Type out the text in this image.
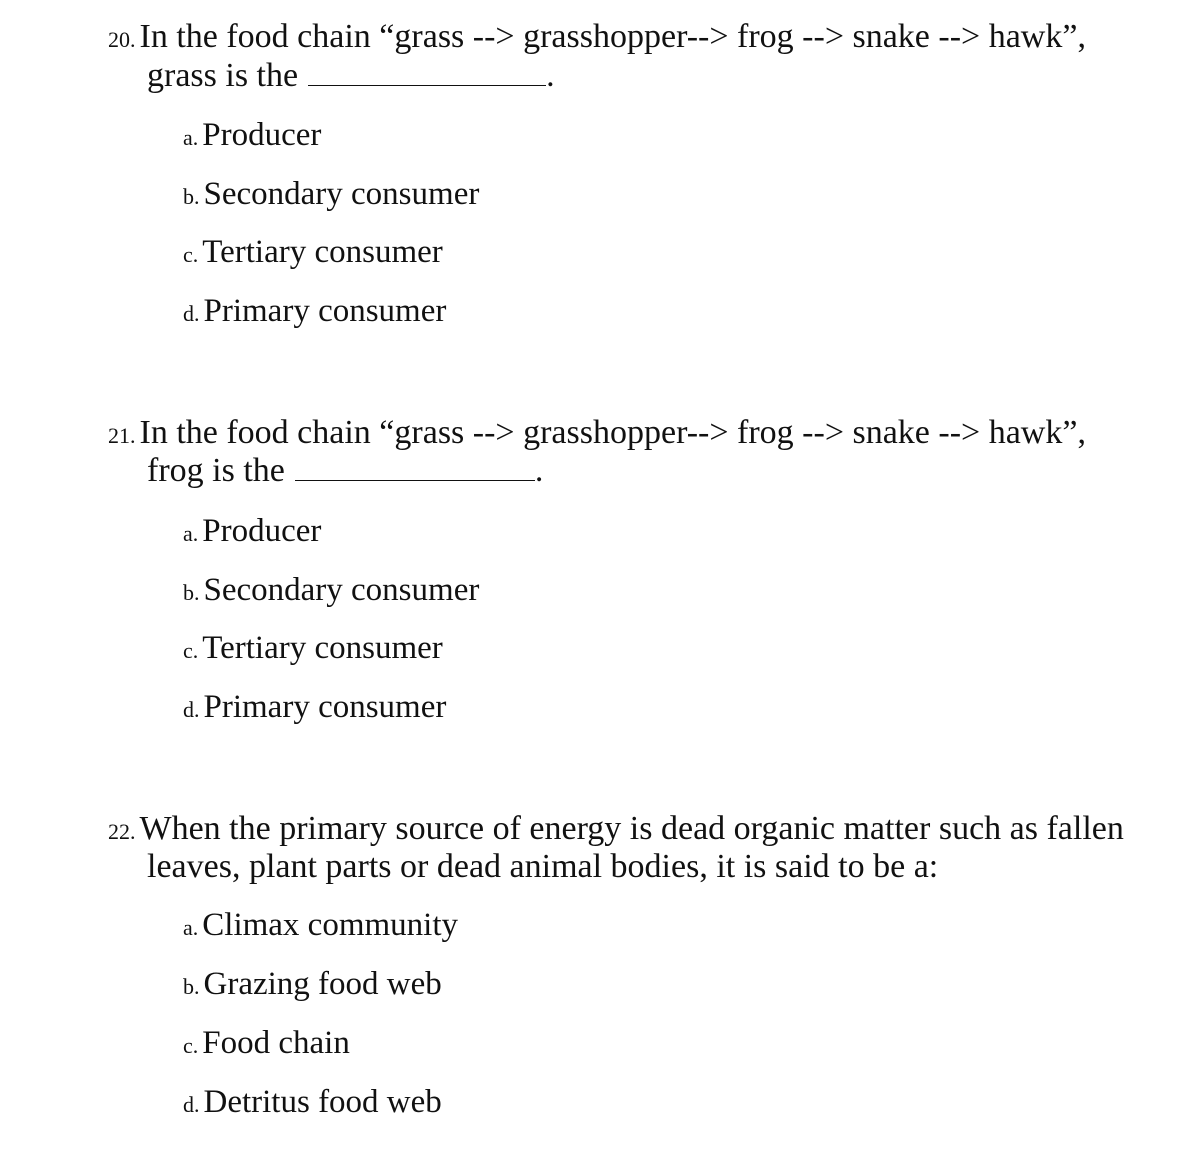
20. In the food chain “grass --> grasshopper--> frog --> snake --> hawk”,
grass is the	.
a. Producer
b. Secondary consumer
c. Tertiary consumer
d. Primary consumer
21. In the food chain “grass --> grasshopper--> frog --> snake --> hawk”,
frog is the	.
a. Producer
b. Secondary consumer
c. Tertiary consumer
d. Primary consumer
22. When the primary source of energy is dead organic matter such as fallen
leaves, plant parts or dead animal bodies, it is said to be a:
a. Climax community
b. Grazing food web
c. Food chain
d. Detritus food web
